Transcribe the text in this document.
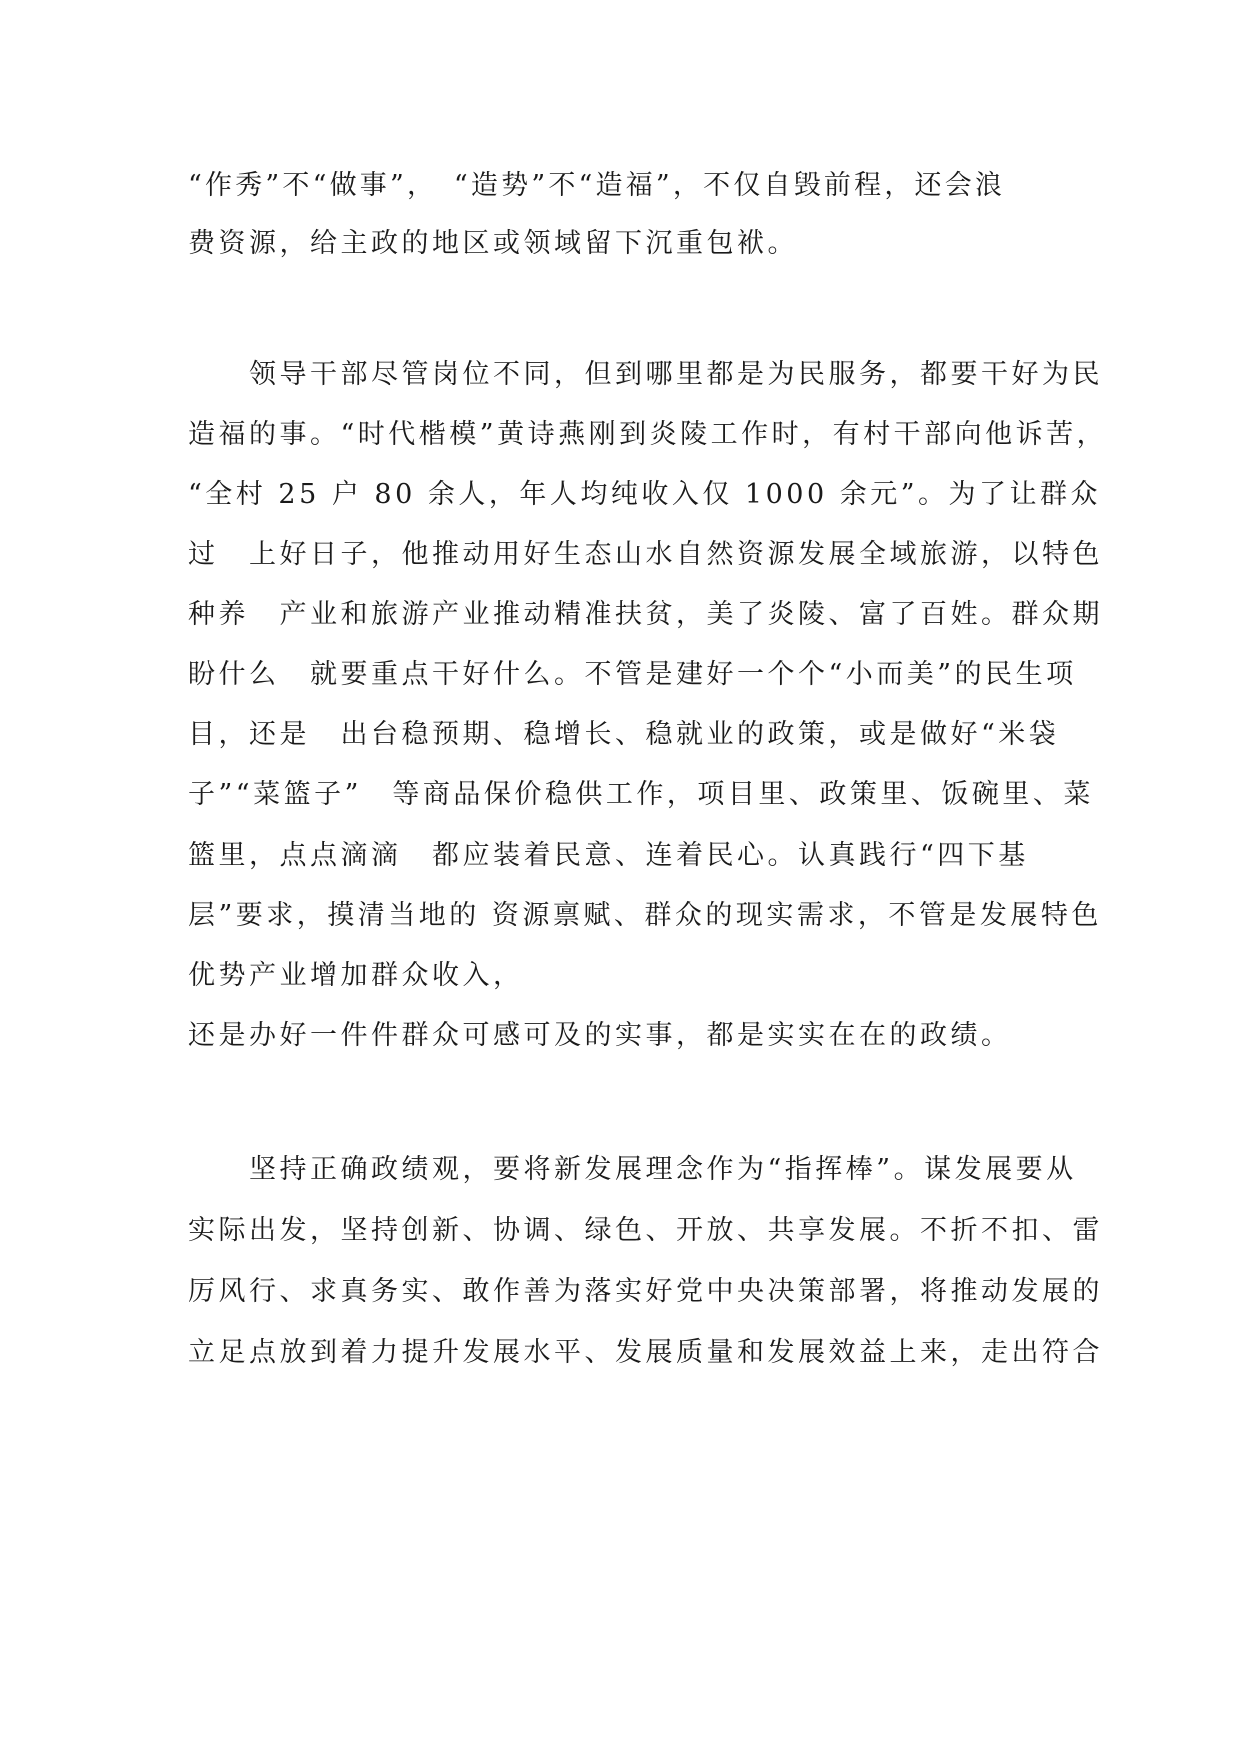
“作秀”不“做事”，　“造势”不“造福”，不仅自毁前程，还会浪
费资源，给主政的地区或领域留下沉重包袱。
　　领导干部尽管岗位不同，但到哪里都是为民服务，都要干好为民
造福的事。“时代楷模”黄诗燕刚到炎陵工作时，有村干部向他诉苦，
“全村 25 户 80 余人，年人均纯收入仅 1000 余元”。为了让群众
过　上好日子，他推动用好生态山水自然资源发展全域旅游，以特色
种养　产业和旅游产业推动精准扶贫，美了炎陵、富了百姓。群众期
盼什么　就要重点干好什么。不管是建好一个个“小而美”的民生项
目，还是　出台稳预期、稳增长、稳就业的政策，或是做好“米袋
子”“菜篮子”　等商品保价稳供工作，项目里、政策里、饭碗里、菜
篮里，点点滴滴　都应装着民意、连着民心。认真践行“四下基
层”要求，摸清当地的 资源禀赋、群众的现实需求，不管是发展特色
优势产业增加群众收入，
还是办好一件件群众可感可及的实事，都是实实在在的政绩。
　　坚持正确政绩观，要将新发展理念作为“指挥棒”。谋发展要从
实际出发，坚持创新、协调、绿色、开放、共享发展。不折不扣、雷
厉风行、求真务实、敢作善为落实好党中央决策部署，将推动发展的
立足点放到着力提升发展水平、发展质量和发展效益上来，走出符合
